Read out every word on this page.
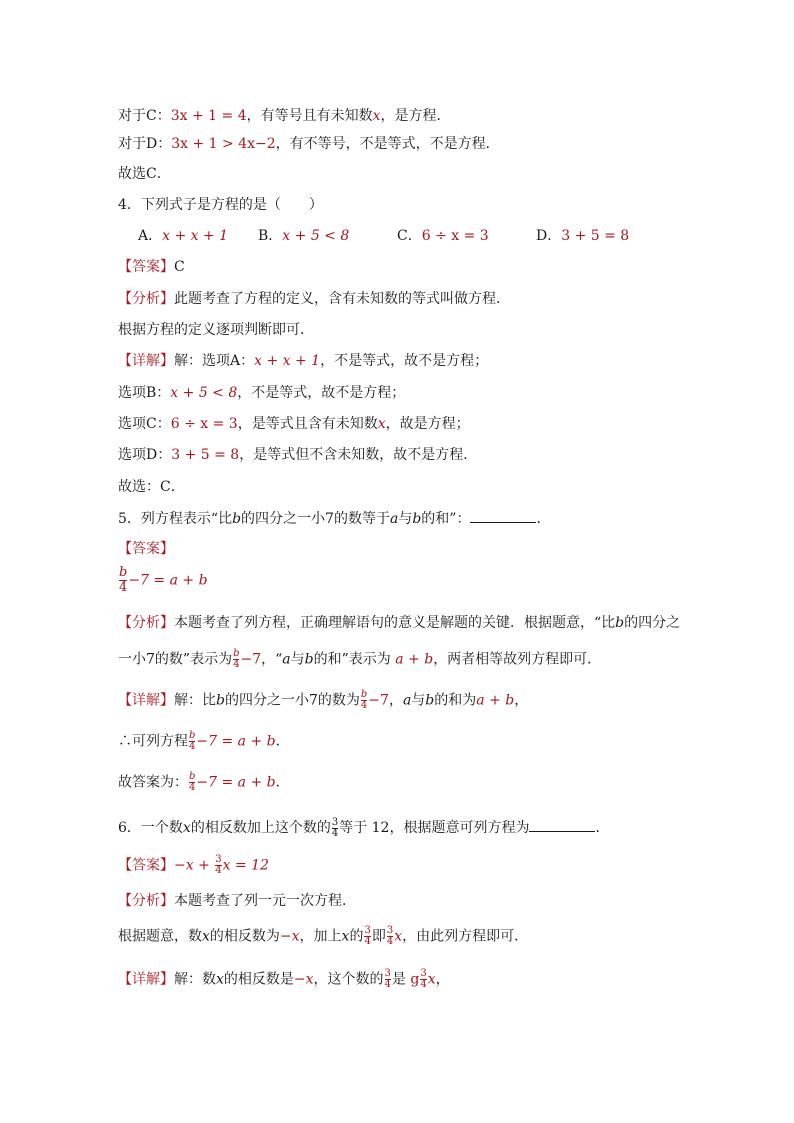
对于C：3x + 1 = 4，有等号且有未知数x，是方程．
对于D：3x + 1 > 4x−2，有不等号，不是等式，不是方程．
故选C．
4．下列式子是方程的是（　　）
A．x + x + 1 B．x + 5 < 8	C．6 ÷ x = 3	D．3 + 5 = 8
【答案】C
【分析】此题考查了方程的定义，含有未知数的等式叫做方程．
根据方程的定义逐项判断即可．
【详解】解：选项A：x + x + 1，不是等式，故不是方程；
选项B：x + 5 < 8，不是等式，故不是方程；
选项C：6 ÷ x = 3，是等式且含有未知数x，故是方程；
选项D：3 + 5 = 8，是等式但不含未知数，故不是方程．
故选：C．
5．列方程表示“比b的四分之一小7的数等于a与b的和”：	．
【答案】
$\frac{b}{4} -7 = a + b$
【分析】本题考查了列方程，正确理解语句的意义是解题的关键．根据题意，“比b的四分之
一小7的数”表示为 $\frac{b}{4} -7$，“a与b的和”表示为 a + b，两者相等故列方程即可．
【详解】解：比b的四分之一小7的数为 $\frac{b}{4} -7$，a与b的和为a + b，
∴可列方程 $\frac{b}{4} -7 = a + b$．
故答案为： $\frac{b}{4} -7 = a + b$．
6．一个数x的相反数加上这个数的 $\frac{3}{4}$ 等于 12，根据题意可列方程为	．
【答案】$-x + \frac{3}{4}$ x = 12
【分析】本题考查了列一元一次方程．
根据题意，数x的相反数为−x，加上x的 $\frac{3}{4}$ 即 $\frac{3}{4}$ x，由此列方程即可．
【详解】解：数x的相反数是−x，这个数的 $\frac{3}{4}$ 是 g $\frac{3}{4}$ x，
